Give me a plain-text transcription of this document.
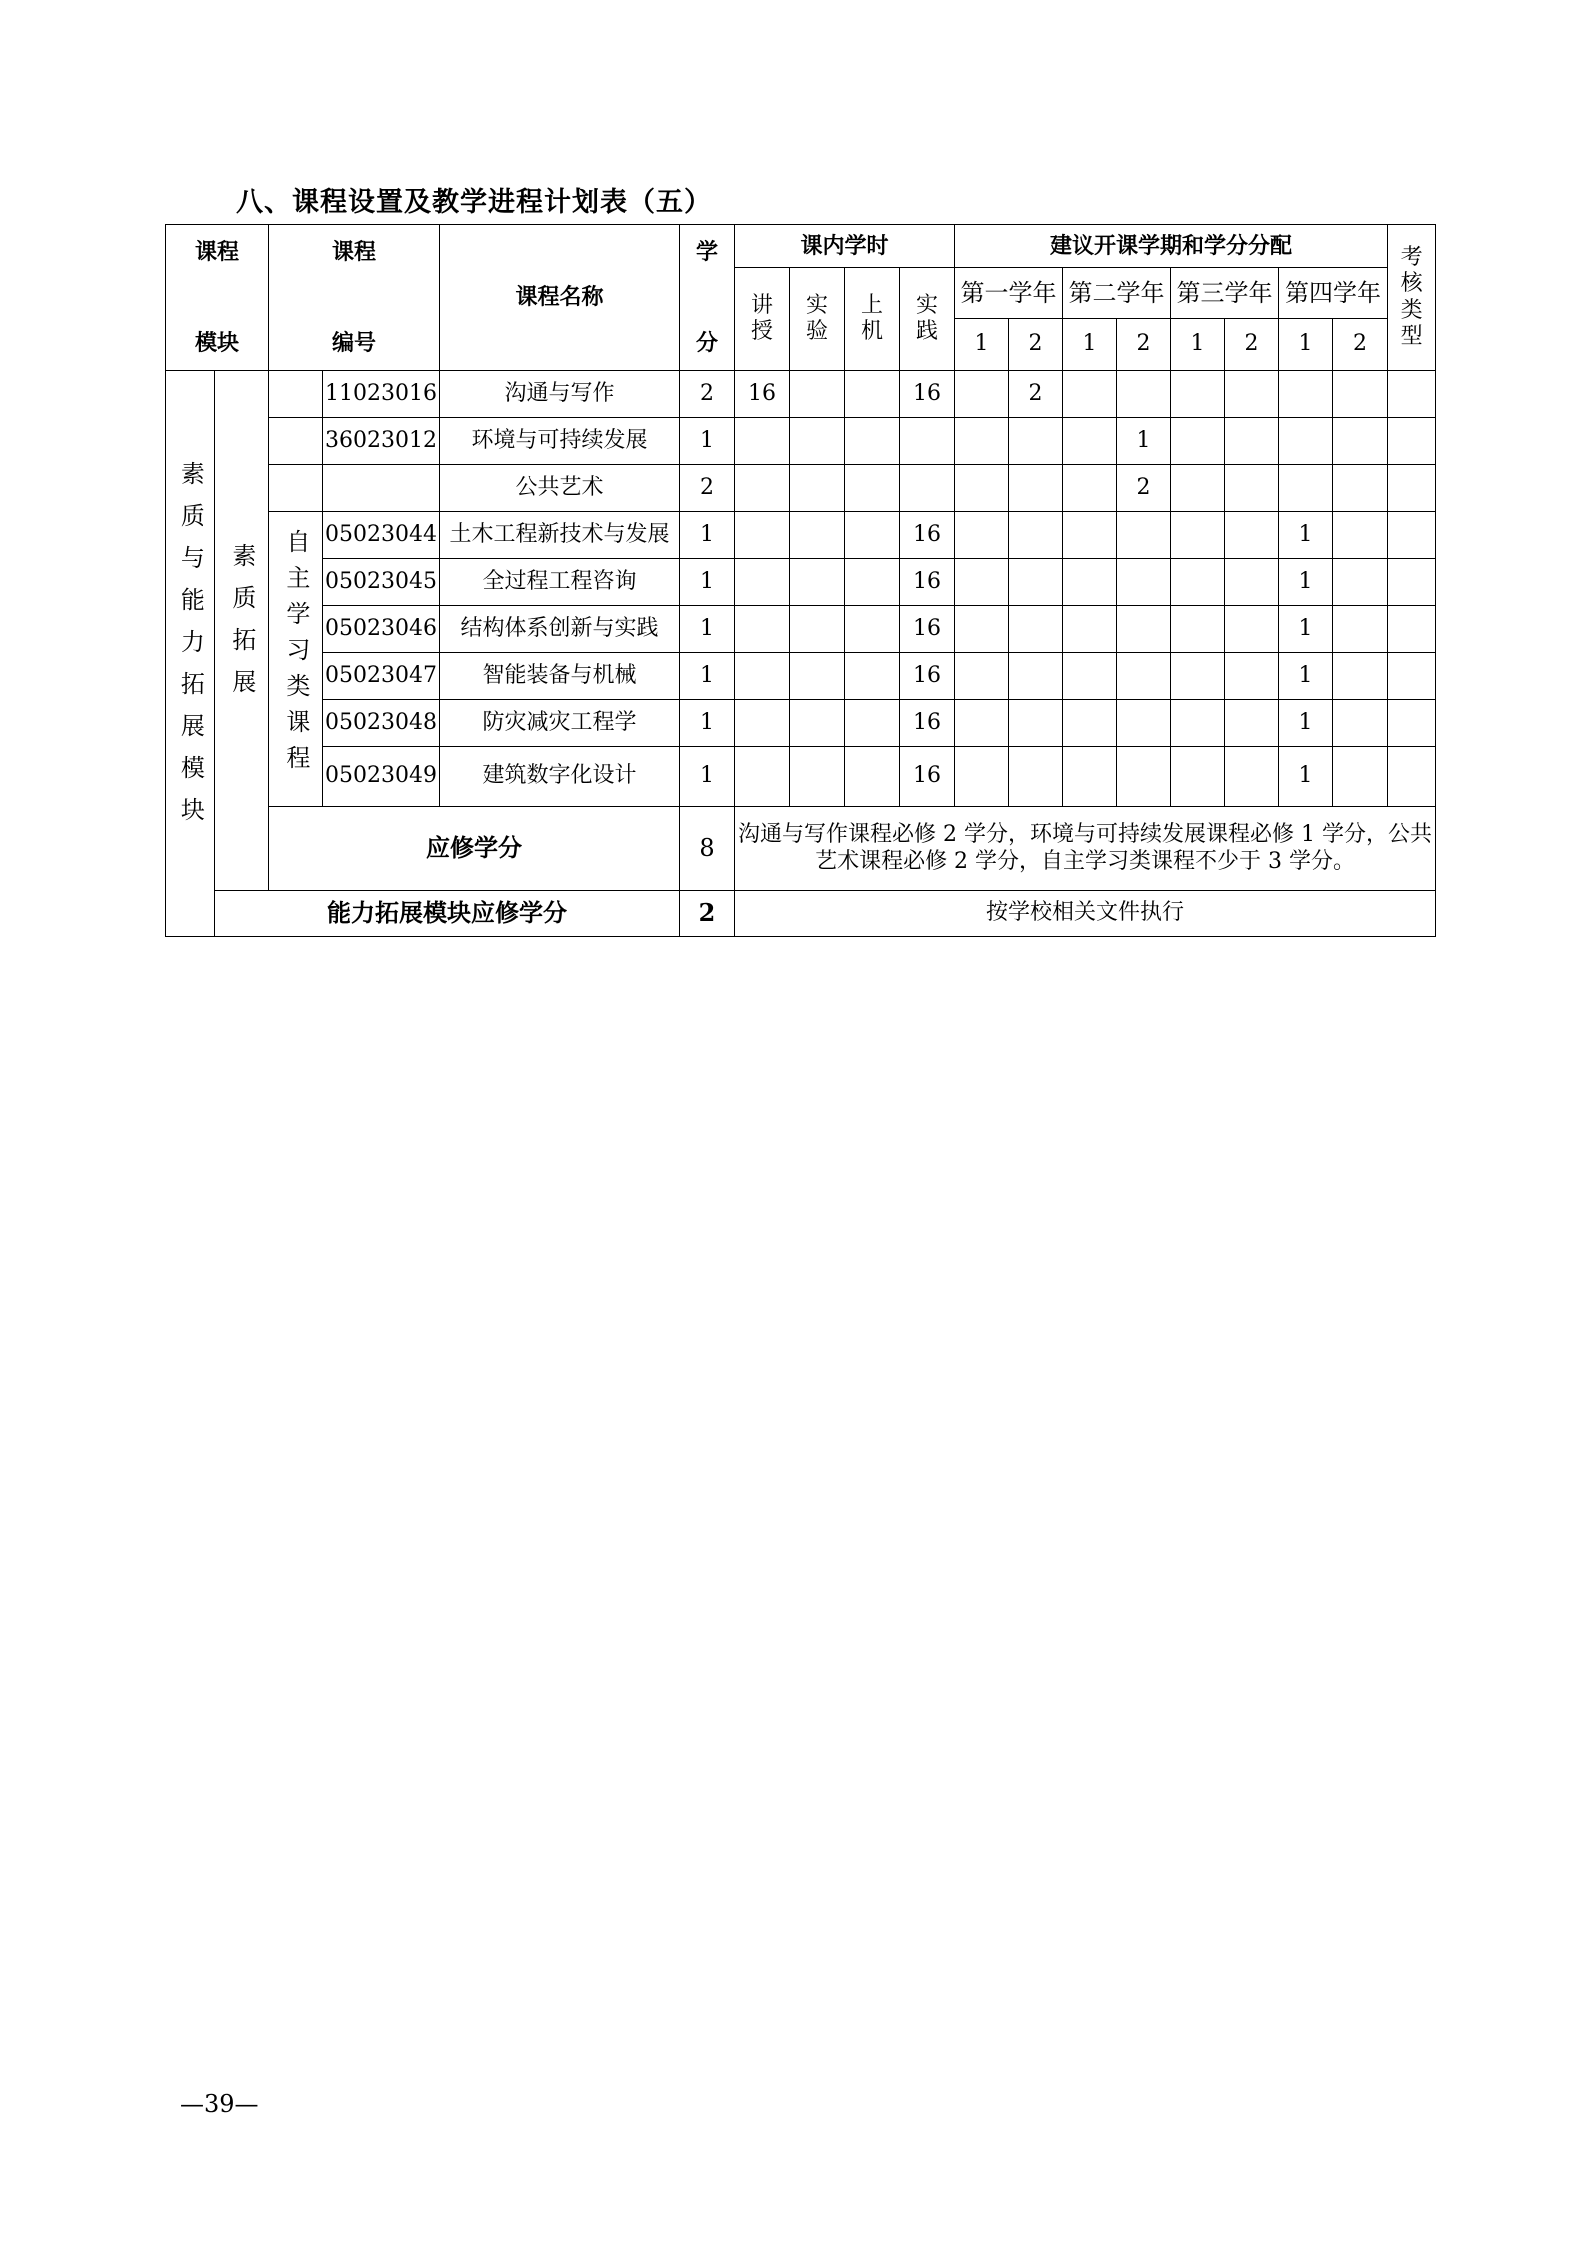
八、课程设置及教学进程计划表（五）
课程
模块		课程
编号		课程名称	学
分	课内学时				建议开课学期和学分分配								考核类型

						讲授	实验	上机	实践	第一学年		第二学年		第三学年		第四学年		
										1	2	1	2	1	2	1	2	
素质与能力拓展模块	素质拓展		11023016	沟通与写作	2	16			16		2							
			36023012	环境与可持续发展	1								1					
				公共艺术	2								2					
		自主学习类课程	05023044	土木工程新技术与发展	1				16							1		
			05023045	全过程工程咨询	1				16							1		
			05023046	结构体系创新与实践	1				16							1		
			05023047	智能装备与机械	1				16							1		
			05023048	防灾减灾工程学	1				16							1		
			05023049	建筑数字化设计	1				16							1		
		应修学分			8	沟通与写作课程必修 2 学分，环境与可持续发展课程必修 1 学分，公共艺术课程必修 2 学分，自主学习类课程不少于 3 学分。												
	能力拓展模块应修学分				2	按学校相关文件执行												
—39—
